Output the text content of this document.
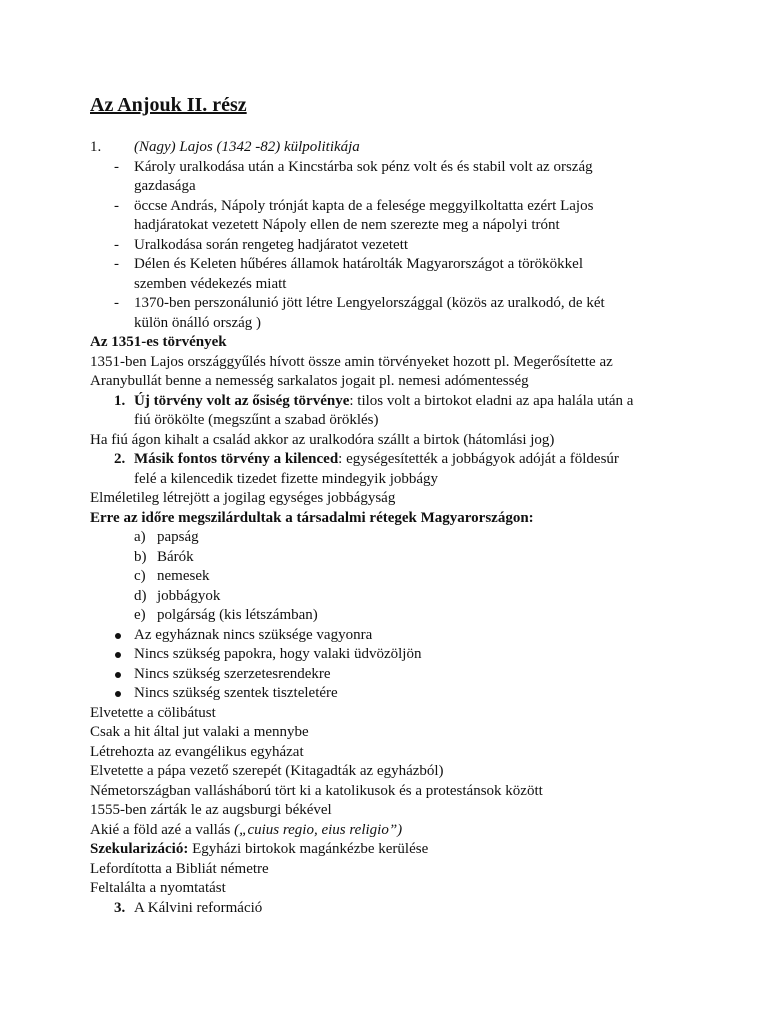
Az Anjouk II. rész
1. (Nagy) Lajos (1342 -82) külpolitikája
- Károly uralkodása után a Kincstárba sok pénz volt és és stabil volt az ország
gazdasága
- öccse András, Nápoly trónját kapta de a felesége meggyilkoltatta ezért Lajos
hadjáratokat vezetett Nápoly ellen de nem szerezte meg a nápolyi trónt
- Uralkodása során rengeteg hadjáratot vezetett
- Délen és Keleten hűbéres államok határolták Magyarországot a törökökkel
szemben védekezés miatt
- 1370-ben perszonálunió jött létre Lengyelországgal (közös az uralkodó, de két
külön önálló ország )
Az 1351-es törvények
1351-ben Lajos országgyűlés hívott össze amin törvényeket hozott pl. Megerősítette az
Aranybullát benne a nemesség sarkalatos jogait pl. nemesi adómentesség
1. Új törvény volt az ősiség törvénye: tilos volt a birtokot eladni az apa halála után a
fiú örökölte (megszűnt a szabad öröklés)
Ha fiú ágon kihalt a család akkor az uralkodóra szállt a birtok (hátomlási jog)
2. Másik fontos törvény a kilenced: egységesítették a jobbágyok adóját a földesúr
felé a kilencedik tizedet fizette mindegyik jobbágy
Elméletileg létrejött a jogilag egységes jobbágyság
Erre az időre megszilárdultak a társadalmi rétegek Magyarországon:
a) papság
b) Bárók
c) nemesek
d) jobbágyok
e) polgárság (kis létszámban)
Az egyháznak nincs szüksége vagyonra
Nincs szükség papokra, hogy valaki üdvözöljön
Nincs szükség szerzetesrendekre
Nincs szükség szentek tiszteletére
Elvetette a cölibátust
Csak a hit által jut valaki a mennybe
Létrehozta az evangélikus egyházat
Elvetette a pápa vezető szerepét (Kitagadták az egyházból)
Németországban vallásháború tört ki a katolikusok és a protestánsok között
1555-ben zárták le az augsburgi békével
Akié a föld azé a vallás („cuius regio, eius religio”)
Szekularizáció: Egyházi birtokok magánkézbe kerülése
Lefordította a Bibliát németre
Feltalálta a nyomtatást
3. A Kálvini reformáció
